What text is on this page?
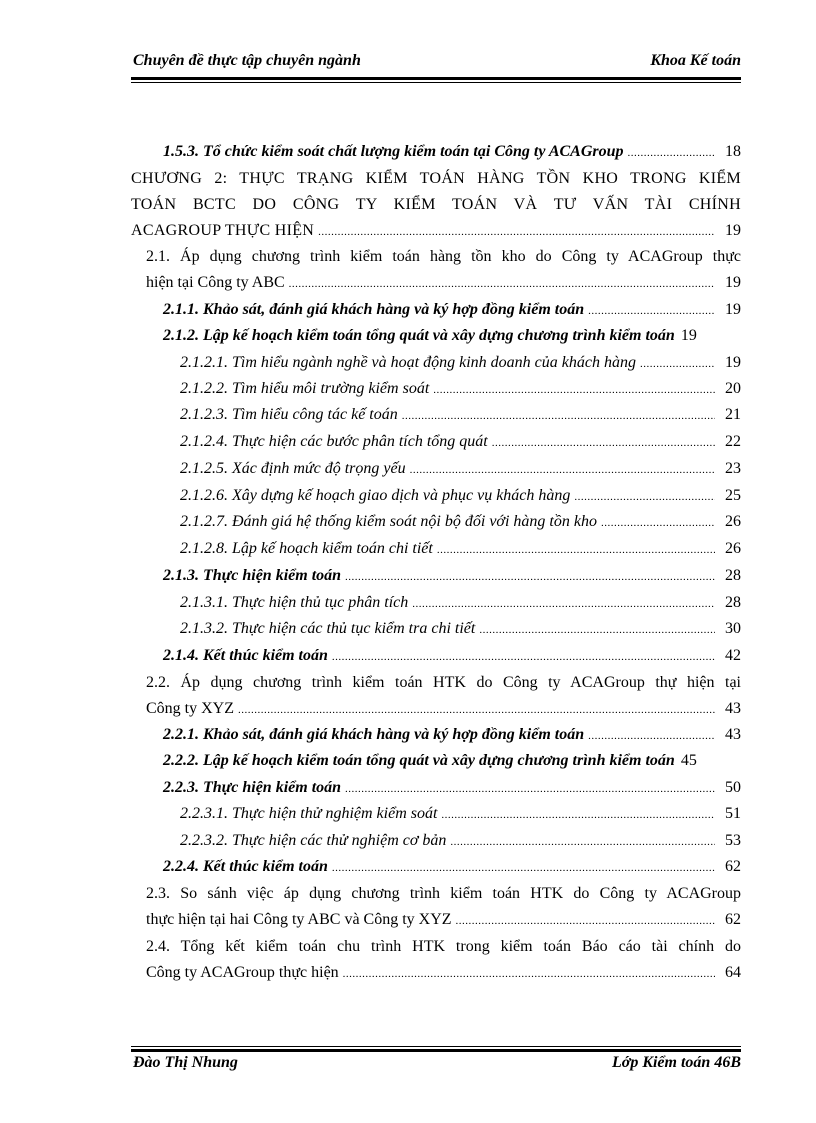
Chuyên đề thực tập chuyên ngành	Khoa Kế toán
1.5.3. Tổ chức kiểm soát chất lượng kiểm toán tại Công ty ACAGroup .....	18
CHƯƠNG 2: THỰC TRẠNG KIỂM TOÁN HÀNG TỒN KHO TRONG KIỂM
TOÁN BCTC DO CÔNG TY KIỂM TOÁN VÀ TƯ VẤN TÀI CHÍNH
ACAGROUP THỰC HIỆN .....	19
2.1. Áp dụng chương trình kiểm toán hàng tồn kho do Công ty ACAGroup thực
hiện tại Công ty ABC .....	19
2.1.1. Khảo sát, đánh giá khách hàng và ký hợp đồng kiểm toán .....	19
2.1.2. Lập kế hoạch kiểm toán tổng quát và xây dựng chương trình kiểm toán 19
2.1.2.1. Tìm hiểu ngành nghề và hoạt động kinh doanh của khách hàng .....	19
2.1.2.2. Tìm hiểu môi trường kiểm soát .....	20
2.1.2.3. Tìm hiểu công tác kế toán .....	21
2.1.2.4. Thực hiện các bước phân tích tổng quát .....	22
2.1.2.5. Xác định mức độ trọng yếu .....	23
2.1.2.6. Xây dựng kế hoạch giao dịch và phục vụ khách hàng .....	25
2.1.2.7. Đánh giá hệ thống kiểm soát nội bộ đối với hàng tồn kho .....	26
2.1.2.8. Lập kế hoạch kiểm toán chi tiết .....	26
2.1.3. Thực hiện kiểm toán .....	28
2.1.3.1. Thực hiện thủ tục phân tích .....	28
2.1.3.2. Thực hiện các thủ tục kiểm tra chi tiết .....	30
2.1.4. Kết thúc kiểm toán .....	42
2.2. Áp dụng chương trình kiểm toán HTK do Công ty ACAGroup thự hiện tại
Công ty XYZ .....	43
2.2.1. Khảo sát, đánh giá khách hàng và ký hợp đồng kiểm toán .....	43
2.2.2. Lập kế hoạch kiểm toán tổng quát và xây dựng chương trình kiểm toán 45
2.2.3. Thực hiện kiểm toán .....	50
2.2.3.1. Thực hiện thử nghiệm kiểm soát .....	51
2.2.3.2. Thực hiện các thử nghiệm cơ bản .....	53
2.2.4. Kết thúc kiểm toán .....	62
2.3. So sánh việc áp dụng chương trình kiểm toán HTK do Công ty ACAGroup
thực hiện tại hai Công ty ABC và Công ty XYZ .....	62
2.4. Tổng kết kiểm toán chu trình HTK trong kiểm toán Báo cáo tài chính do
Công ty ACAGroup thực hiện .....	64
Đào Thị Nhung	Lớp Kiểm toán 46B
